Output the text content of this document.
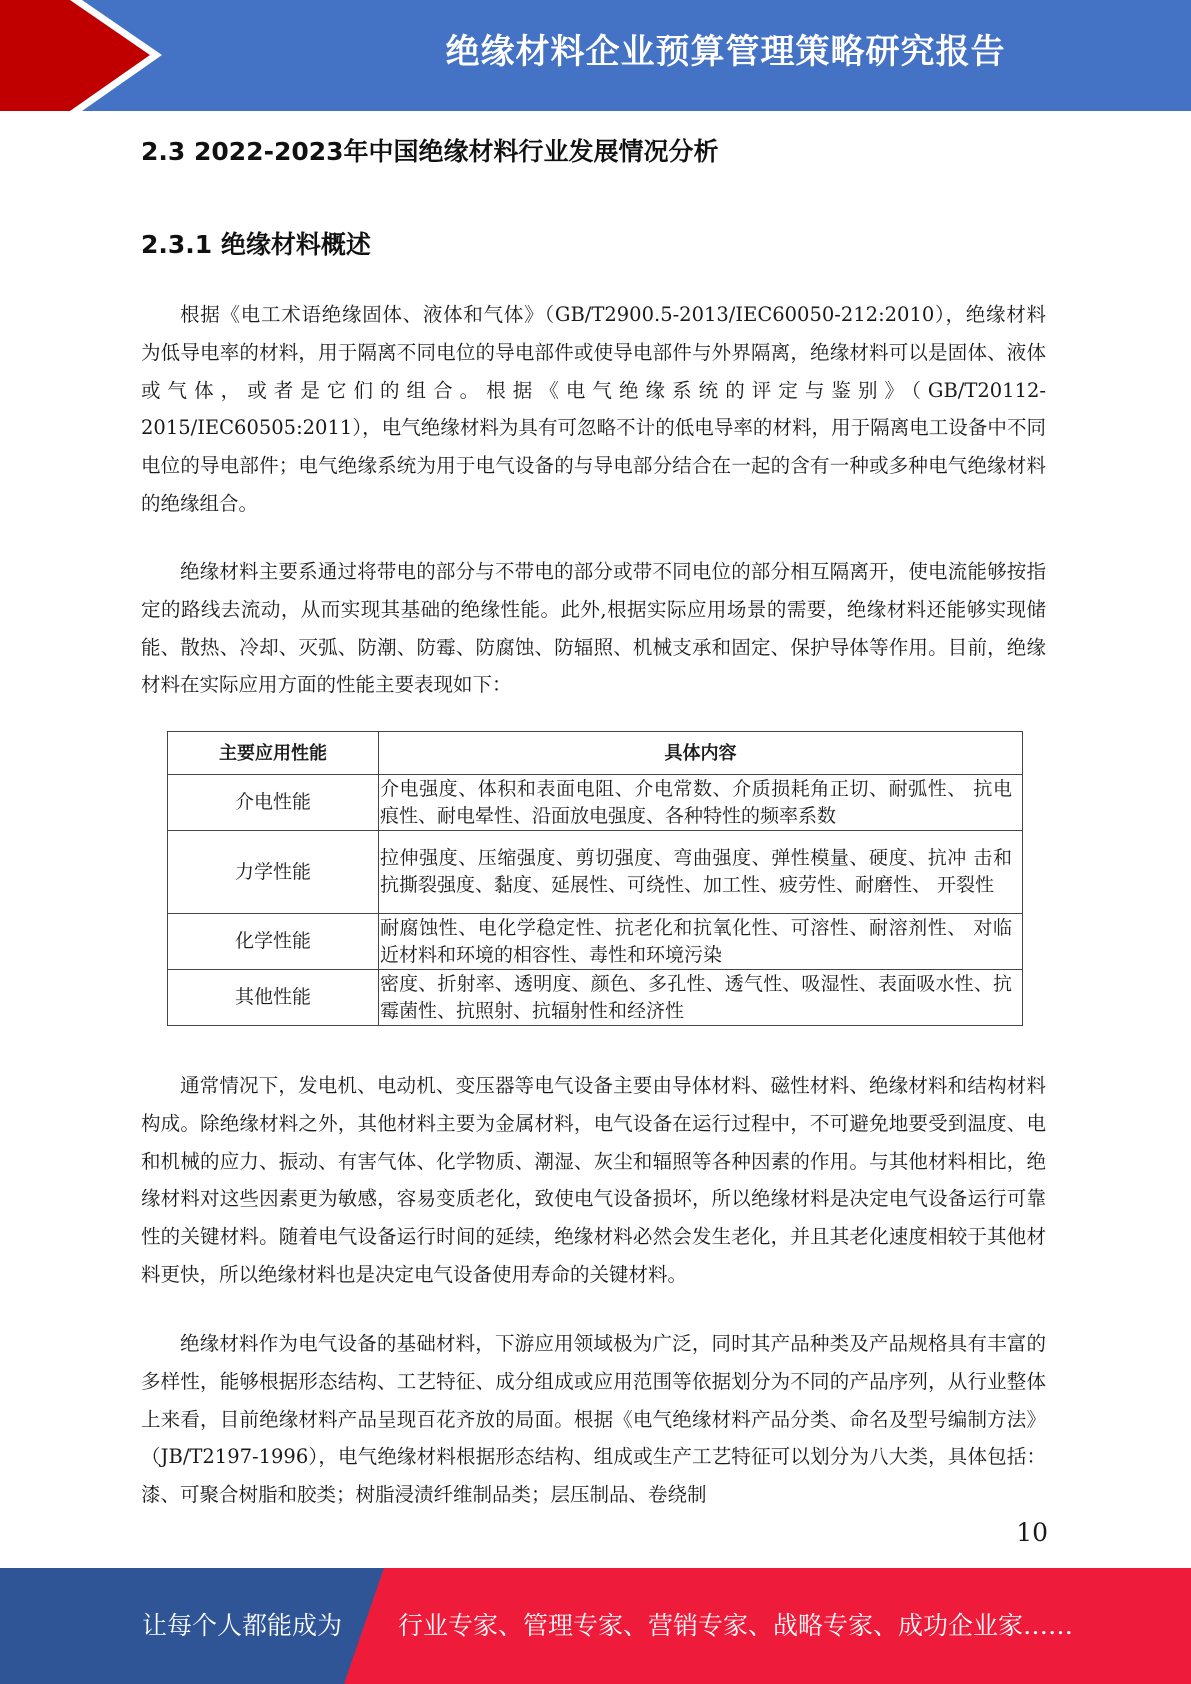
绝缘材料企业预算管理策略研究报告
2.3 2022-2023年中国绝缘材料行业发展情况分析
2.3.1 绝缘材料概述

根据《电工术语绝缘固体、液体和气体》（GB/T2900.5-2013/IEC60050-212:2010），绝缘材料为低导电率的材料，用于隔离不同电位的导电部件或使导电部件与外界隔离，绝缘材料可以是固体、液体或气体，或者是它们的组合。根据《电气绝缘系统的评定与鉴别》（GB/T20112-2015/IEC60505:2011），电气绝缘材料为具有可忽略不计的低电导率的材料，用于隔离电工设备中不同电位的导电部件；电气绝缘系统为用于电气设备的与导电部分结合在一起的含有一种或多种电气绝缘材料的绝缘组合。

绝缘材料主要系通过将带电的部分与不带电的部分或带不同电位的部分相互隔离开，使电流能够按指定的路线去流动，从而实现其基础的绝缘性能。此外,根据实际应用场景的需要，绝缘材料还能够实现储能、散热、冷却、灭弧、防潮、防霉、防腐蚀、防辐照、机械支承和固定、保护导体等作用。目前，绝缘材料在实际应用方面的性能主要表现如下：

主要应用性能	具体内容
介电性能	介电强度、体积和表面电阻、介电常数、介质损耗角正切、耐弧性、 抗电痕性、耐电晕性、沿面放电强度、各种特性的频率系数
力学性能	拉伸强度、压缩强度、剪切强度、弯曲强度、弹性模量、硬度、抗冲 击和抗撕裂强度、黏度、延展性、可绕性、加工性、疲劳性、耐磨性、 开裂性
化学性能	耐腐蚀性、电化学稳定性、抗老化和抗氧化性、可溶性、耐溶剂性、 对临近材料和环境的相容性、毒性和环境污染
其他性能	密度、折射率、透明度、颜色、多孔性、透气性、吸湿性、表面吸水性、抗霉菌性、抗照射、抗辐射性和经济性

通常情况下，发电机、电动机、变压器等电气设备主要由导体材料、磁性材料、绝缘材料和结构材料构成。除绝缘材料之外，其他材料主要为金属材料，电气设备在运行过程中，不可避免地要受到温度、电和机械的应力、振动、有害气体、化学物质、潮湿、灰尘和辐照等各种因素的作用。与其他材料相比，绝缘材料对这些因素更为敏感，容易变质老化，致使电气设备损坏，所以绝缘材料是决定电气设备运行可靠性的关键材料。随着电气设备运行时间的延续，绝缘材料必然会发生老化，并且其老化速度相较于其他材料更快，所以绝缘材料也是决定电气设备使用寿命的关键材料。

绝缘材料作为电气设备的基础材料，下游应用领域极为广泛，同时其产品种类及产品规格具有丰富的多样性，能够根据形态结构、工艺特征、成分组成或应用范围等依据划分为不同的产品序列，从行业整体上来看，目前绝缘材料产品呈现百花齐放的局面。根据《电气绝缘材料产品分类、命名及型号编制方法》（JB/T2197-1996），电气绝缘材料根据形态结构、组成或生产工艺特征可以划分为八大类，具体包括：漆、可聚合树脂和胶类；树脂浸渍纤维制品类；层压制品、卷绕制

10
让每个人都能成为 行业专家、管理专家、营销专家、战略专家、成功企业家……
